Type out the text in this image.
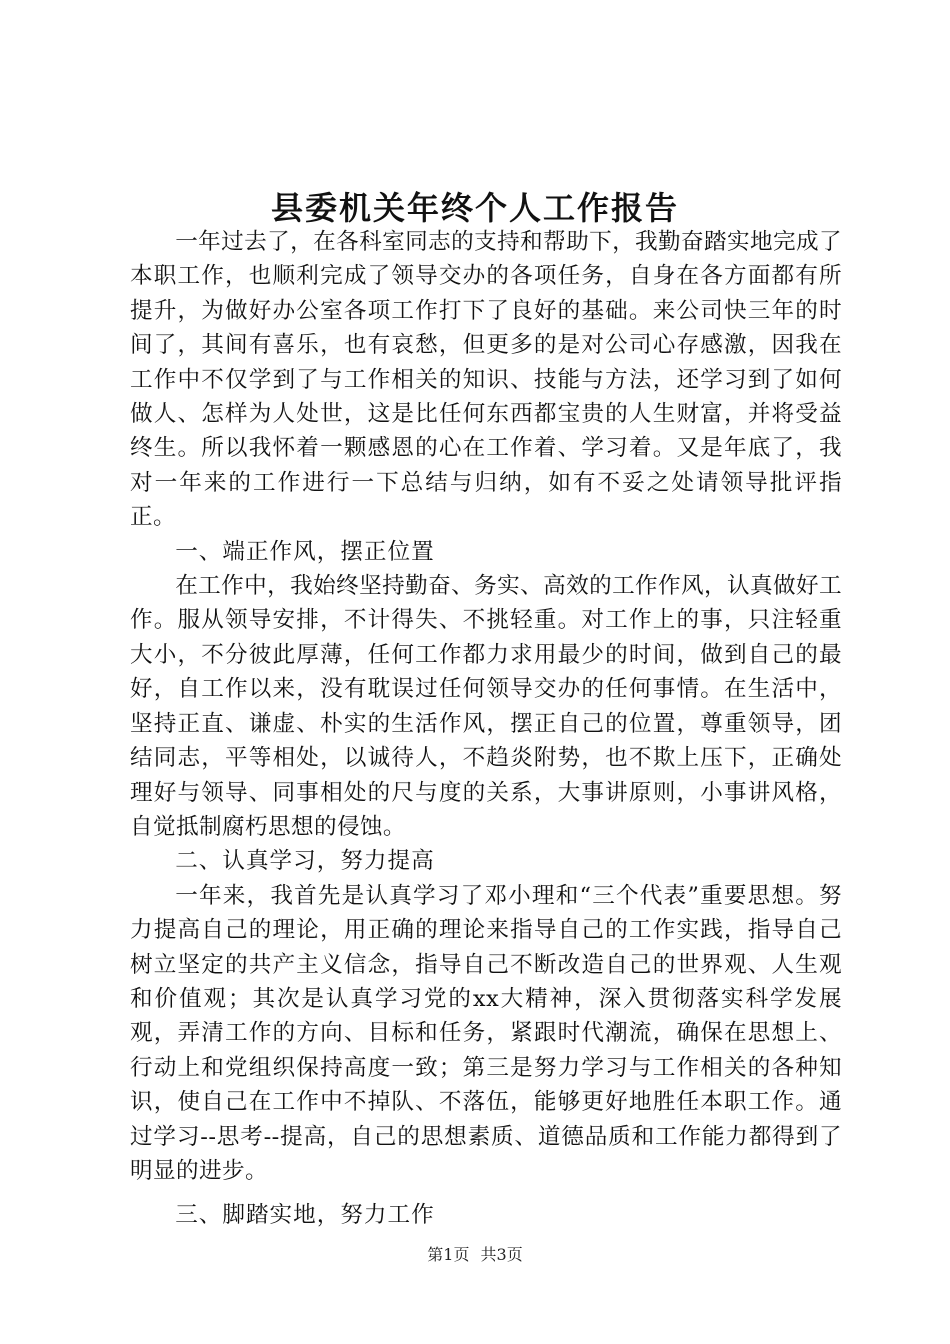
县委机关年终个人工作报告

一年过去了，在各科室同志的支持和帮助下，我勤奋踏实地完成了本职工作，也顺利完成了领导交办的各项任务，自身在各方面都有所提升，为做好办公室各项工作打下了良好的基础。来公司快三年的时间了，其间有喜乐，也有哀愁，但更多的是对公司心存感激，因我在工作中不仅学到了与工作相关的知识、技能与方法，还学习到了如何做人、怎样为人处世，这是比任何东西都宝贵的人生财富，并将受益终生。所以我怀着一颗感恩的心在工作着、学习着。又是年底了，我对一年来的工作进行一下总结与归纳，如有不妥之处请领导批评指正。

一、端正作风，摆正位置

在工作中，我始终坚持勤奋、务实、高效的工作作风，认真做好工作。服从领导安排，不计得失、不挑轻重。对工作上的事，只注轻重大小，不分彼此厚薄，任何工作都力求用最少的时间，做到自己的最好，自工作以来，没有耽误过任何领导交办的任何事情。在生活中，坚持正直、谦虚、朴实的生活作风，摆正自己的位置，尊重领导，团结同志，平等相处，以诚待人，不趋炎附势，也不欺上压下，正确处理好与领导、同事相处的尺与度的关系，大事讲原则，小事讲风格，自觉抵制腐朽思想的侵蚀。

二、认真学习，努力提高

一年来，我首先是认真学习了邓小理和“三个代表”重要思想。努力提高自己的理论，用正确的理论来指导自己的工作实践，指导自己树立坚定的共产主义信念，指导自己不断改造自己的世界观、人生观和价值观；其次是认真学习党的xx大精神，深入贯彻落实科学发展观，弄清工作的方向、目标和任务，紧跟时代潮流，确保在思想上、行动上和党组织保持高度一致；第三是努力学习与工作相关的各种知识，使自己在工作中不掉队、不落伍，能够更好地胜任本职工作。通过学习--思考--提高，自己的思想素质、道德品质和工作能力都得到了明显的进步。

三、脚踏实地，努力工作

第1页 共3页
